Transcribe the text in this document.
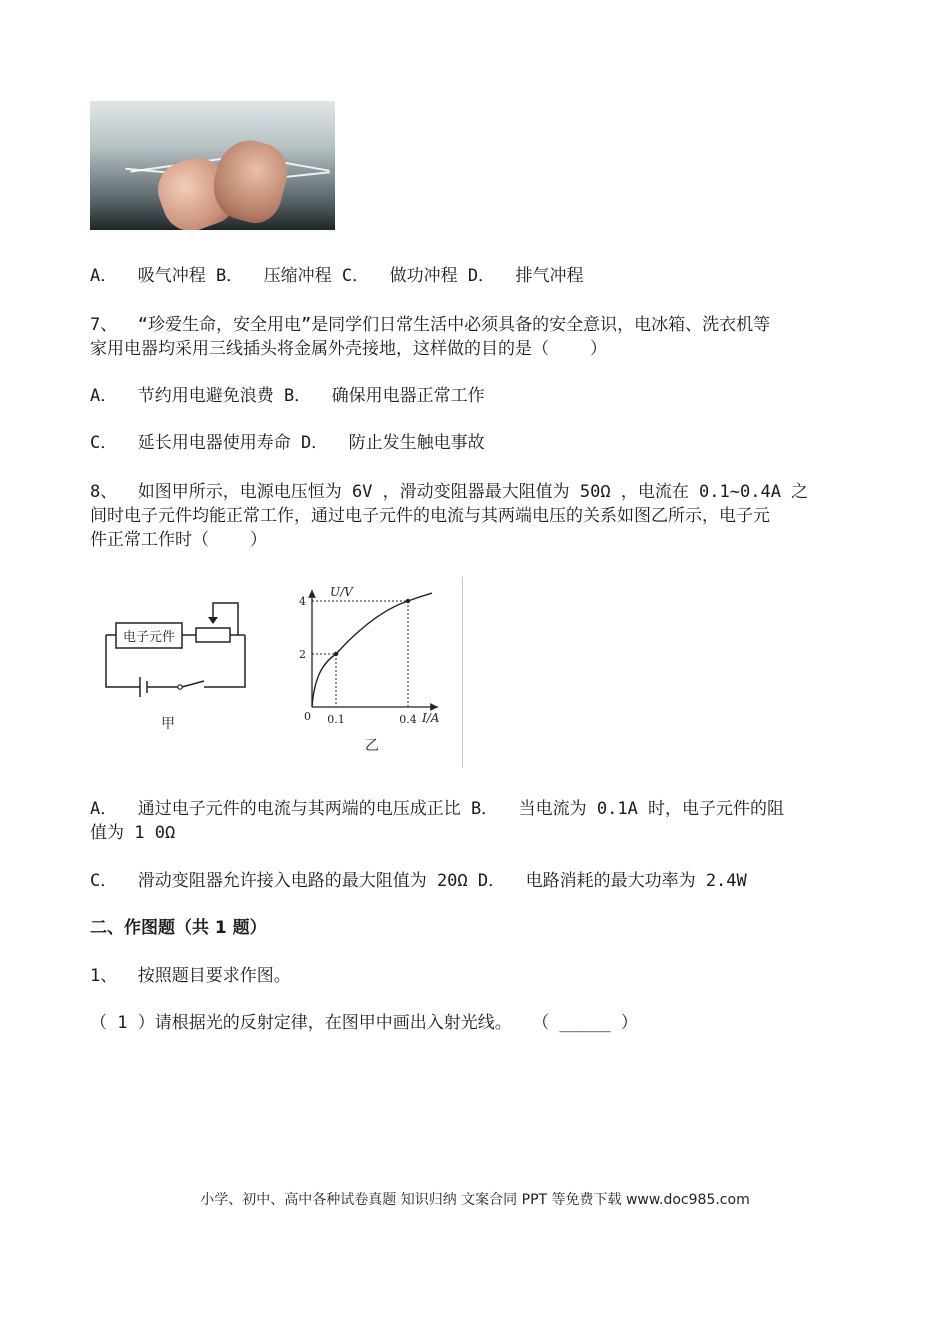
A．  吸气冲程 B．  压缩冲程 C．  做功冲程 D．  排气冲程
7、  “珍爱生命，安全用电”是同学们日常生活中必须具备的安全意识，电冰箱、洗衣机等
家用电器均采用三线插头将金属外壳接地，这样做的目的是（    ）
A．  节约用电避免浪费 B．  确保用电器正常工作
C．  延长用电器使用寿命 D．  防止发生触电事故
8、  如图甲所示，电源电压恒为 6V ，滑动变阻器最大阻值为 50Ω ，电流在 0.1~0.4A 之
间时电子元件均能正常工作，通过电子元件的电流与其两端电压的关系如图乙所示，电子元
件正常工作时（    ）
电子元件
甲	0.1	0.4
2
4
U/V
I/A
0
乙
A．  通过电子元件的电流与其两端的电压成正比 B．  当电流为 0.1A 时，电子元件的阻
值为 1 0Ω
C．  滑动变阻器允许接入电路的最大阻值为 20Ω D．  电路消耗的最大功率为 2.4W
二、作图题（共 1 题）
1、  按照题目要求作图。
（ 1 ）请根据光的反射定律，在图甲中画出入射光线。  （ _____ ）
小学、初中、高中各种试卷真题 知识归纳 文案合同 PPT 等免费下载 www.doc985.com
